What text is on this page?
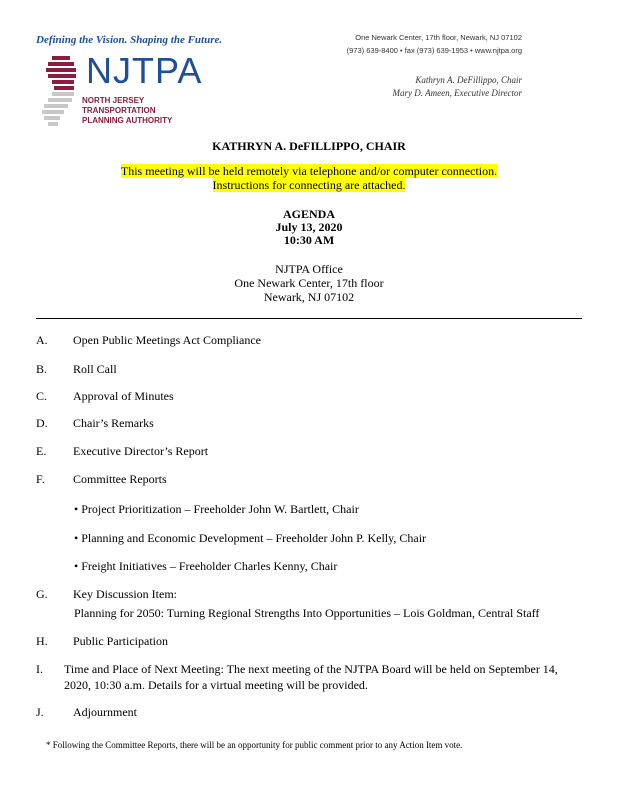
Defining the Vision. Shaping the Future.
NJTPA
NORTH JERSEY
TRANSPORTATION
PLANNING AUTHORITY
One Newark Center, 17th floor, Newark, NJ 07102
(973) 639-8400 • fax (973) 639-1953 • www.njtpa.org
Kathryn A. DeFillippo, Chair
Mary D. Ameen, Executive Director
KATHRYN A. DeFILLIPPO, CHAIR
This meeting will be held remotely via telephone and/or computer connection.
Instructions for connecting are attached.
AGENDA
July 13, 2020
10:30 AM
NJTPA Office
One Newark Center, 17th floor
Newark, NJ 07102
A. Open Public Meetings Act Compliance
B. Roll Call
C. Approval of Minutes
D. Chair’s Remarks
E. Executive Director’s Report
F. Committee Reports
• Project Prioritization – Freeholder John W. Bartlett, Chair
• Planning and Economic Development – Freeholder John P. Kelly, Chair
• Freight Initiatives – Freeholder Charles Kenny, Chair
G. Key Discussion Item:
Planning for 2050: Turning Regional Strengths Into Opportunities – Lois Goldman, Central Staff
H. Public Participation
I. Time and Place of Next Meeting: The next meeting of the NJTPA Board will be held on September 14,
2020, 10:30 a.m. Details for a virtual meeting will be provided.
J. Adjournment
* Following the Committee Reports, there will be an opportunity for public comment prior to any Action Item vote.
